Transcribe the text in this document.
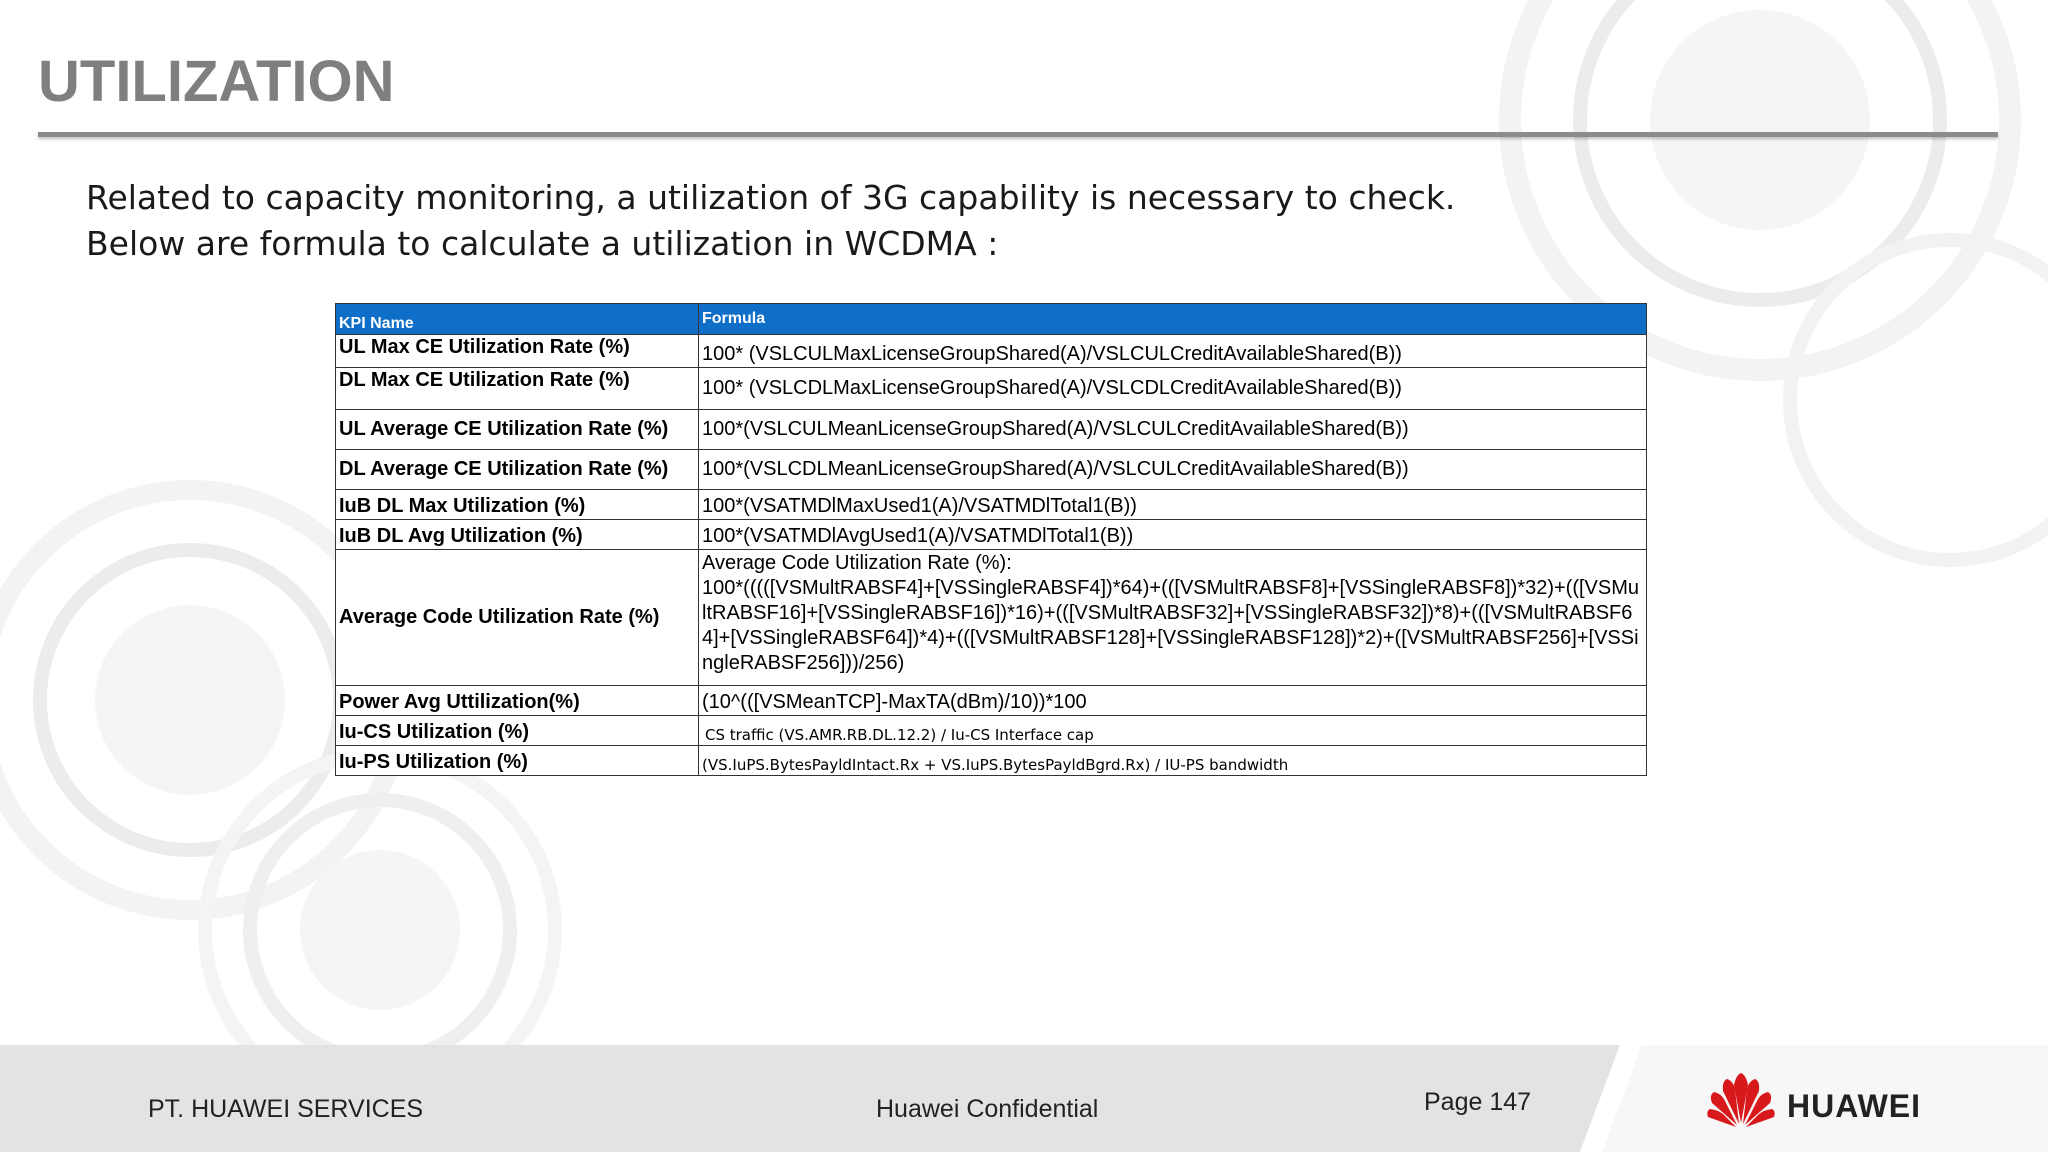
UTILIZATION
Related to capacity monitoring, a utilization of 3G capability is necessary to check.
Below are formula to calculate a utilization in WCDMA :
KPI Name	Formula
UL Max CE Utilization Rate (%)	100* (VSLCULMaxLicenseGroupShared(A)/VSLCULCreditAvailableShared(B))
DL Max CE Utilization Rate (%)	100* (VSLCDLMaxLicenseGroupShared(A)/VSLCDLCreditAvailableShared(B))
UL Average CE Utilization Rate (%)	100*(VSLCULMeanLicenseGroupShared(A)/VSLCULCreditAvailableShared(B))
DL Average CE Utilization Rate (%)	100*(VSLCDLMeanLicenseGroupShared(A)/VSLCULCreditAvailableShared(B))
IuB DL Max Utilization (%)	100*(VSATMDlMaxUsed1(A)/VSATMDlTotal1(B))
IuB DL Avg Utilization (%)	100*(VSATMDlAvgUsed1(A)/VSATMDlTotal1(B))
Average Code Utilization Rate (%)	Average Code Utilization Rate (%):
100*(((([VSMultRABSF4]+[VSSingleRABSF4])*64)+(([VSMultRABSF8]+[VSSingleRABSF8])*32)+(([VSMultRABSF16]+[VSSingleRABSF16])*16)+(([VSMultRABSF32]+[VSSingleRABSF32])*8)+(([VSMultRABSF64]+[VSSingleRABSF64])*4)+(([VSMultRABSF128]+[VSSingleRABSF128])*2)+([VSMultRABSF256]+[VSSingleRABSF256]))/256)

Power Avg Uttilization(%)	(10^(([VSMeanTCP]-MaxTA(dBm)/10))*100
Iu-CS Utilization (%)	CS traffic (VS.AMR.RB.DL.12.2) / Iu-CS Interface cap
Iu-PS Utilization (%)	(VS.IuPS.BytesPayldIntact.Rx + VS.IuPS.BytesPayldBgrd.Rx) / IU-PS bandwidth
PT. HUAWEI SERVICES	Huawei Confidential	Page 147	HUAWEI
